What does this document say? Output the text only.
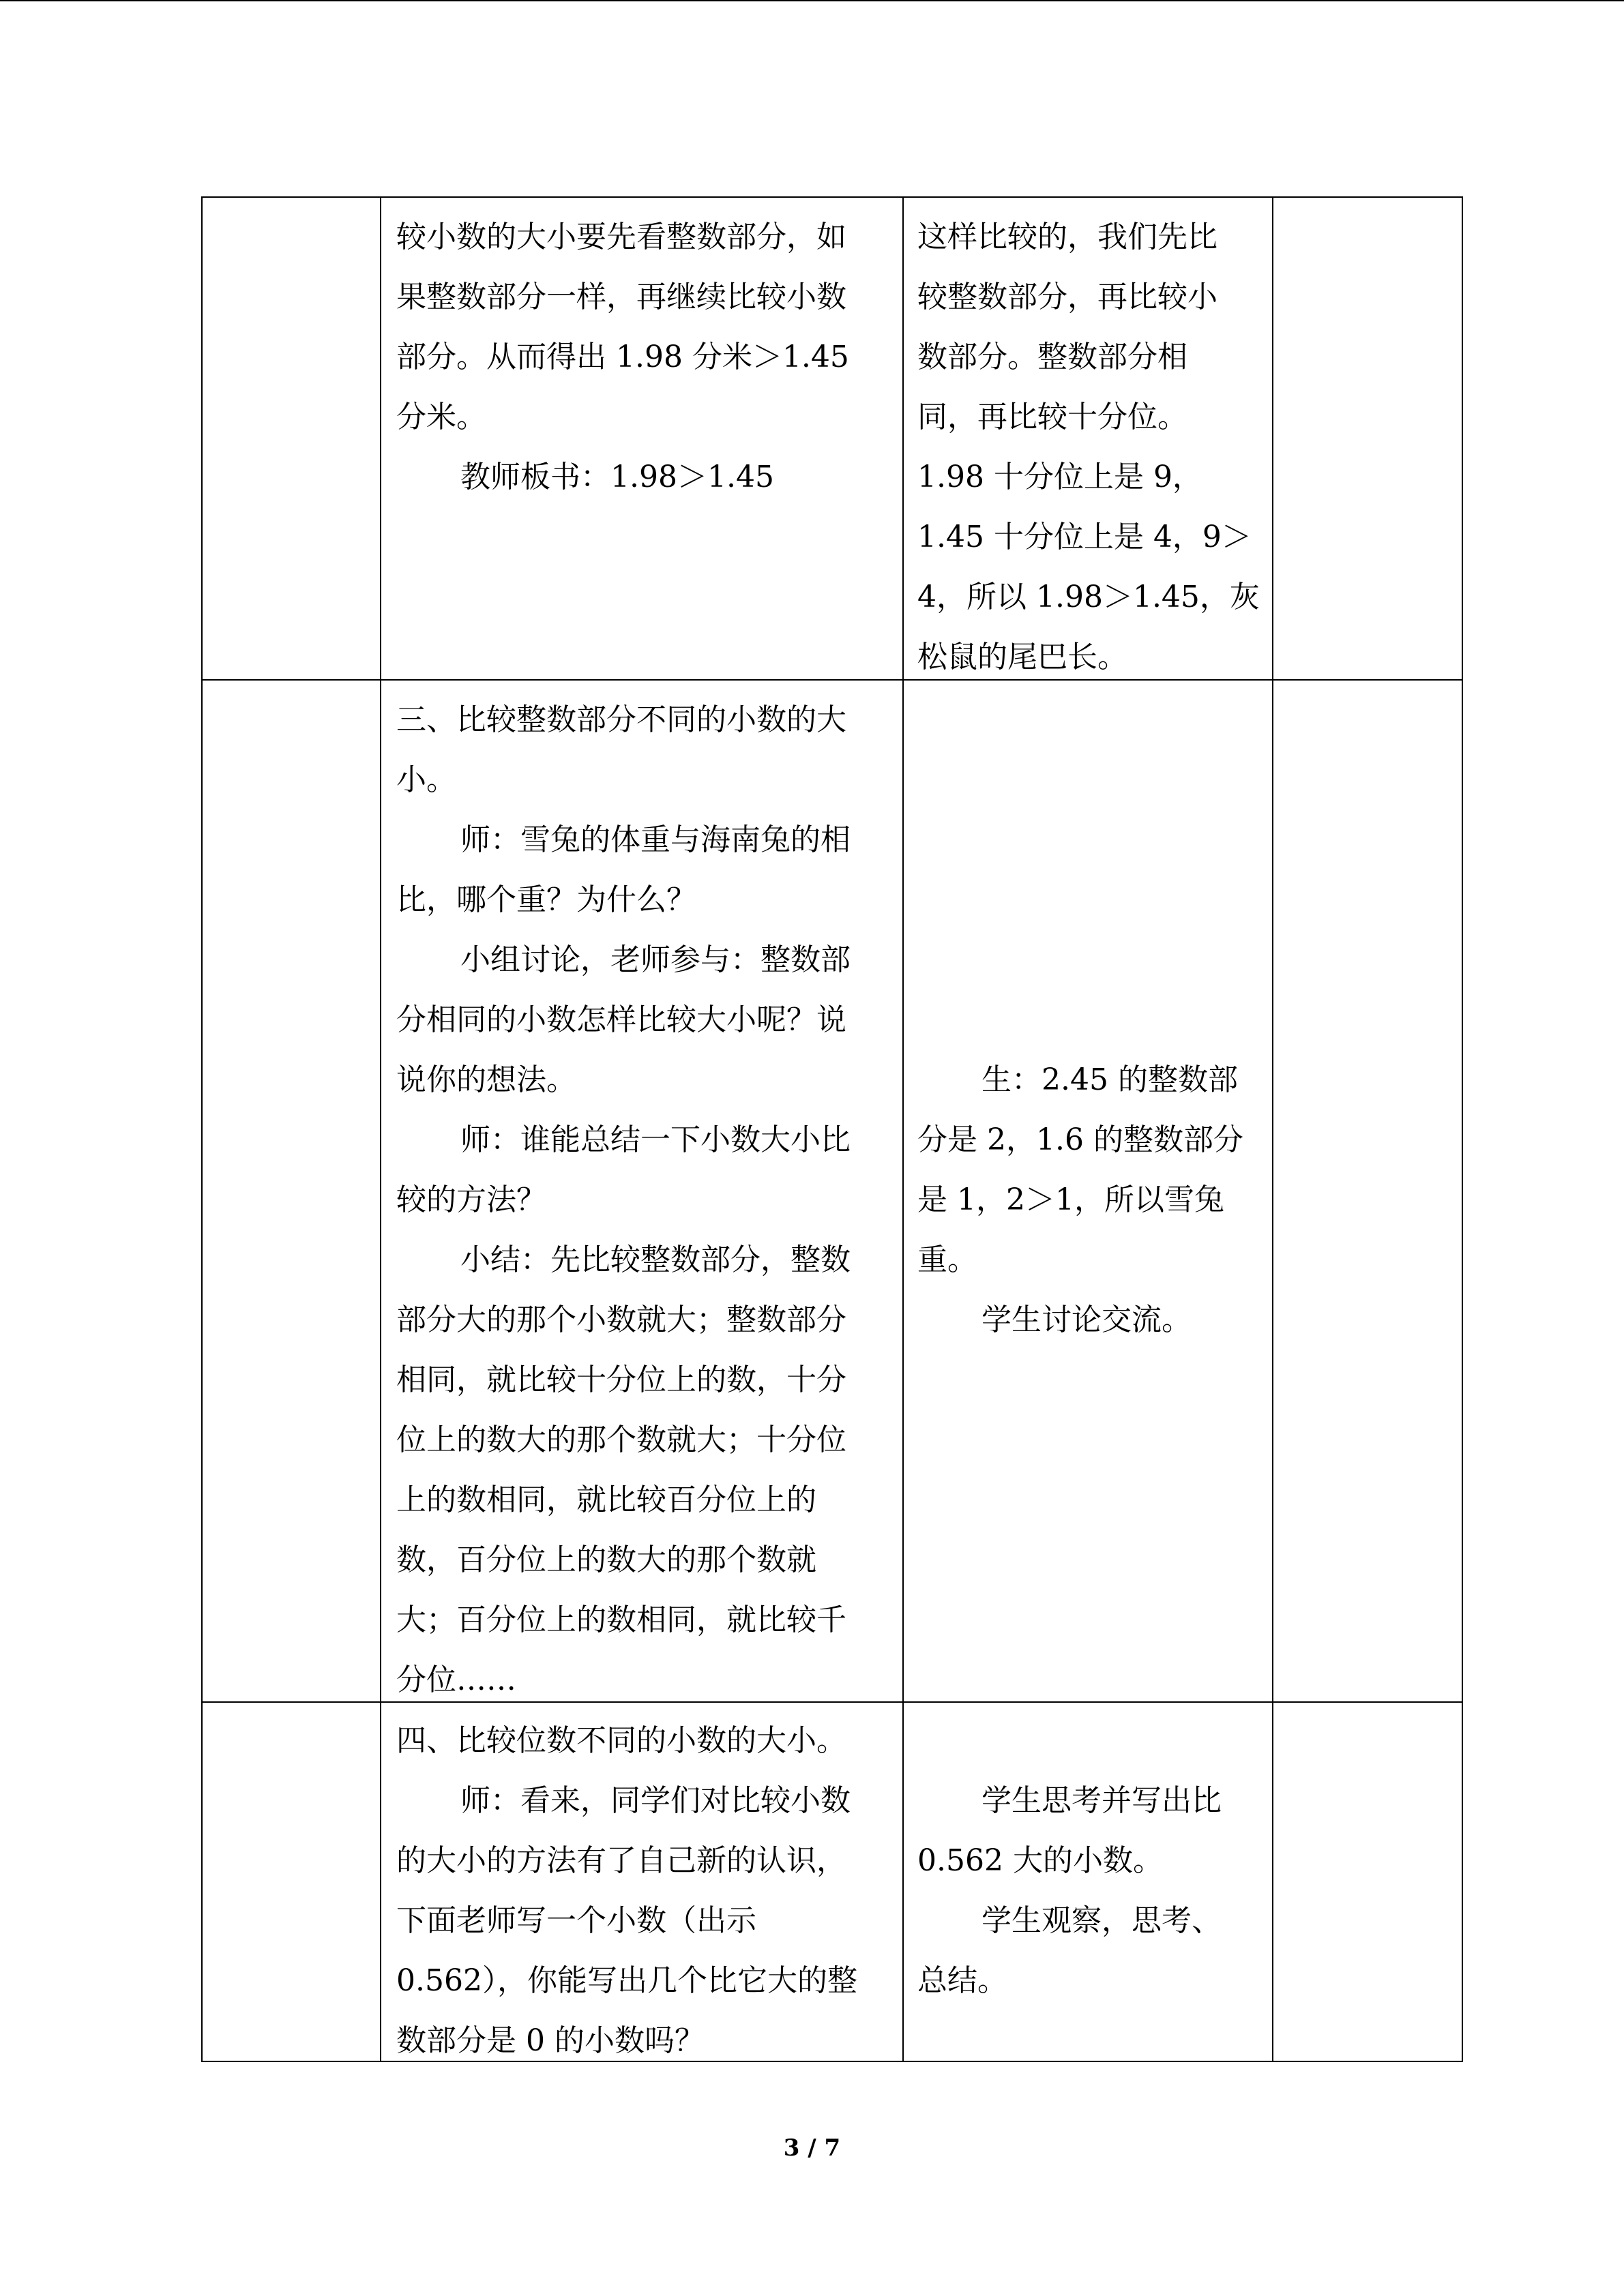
较小数的大小要先看整数部分，如

果整数部分一样，再继续比较小数

部分。从而得出 1.98 分米＞1.45

分米。

教师板书：1.98＞1.45

这样比较的，我们先比

较整数部分，再比较小

数部分。整数部分相

同，再比较十分位。

1.98 十分位上是 9，

1.45 十分位上是 4，9＞

4，所以 1.98＞1.45，灰

松鼠的尾巴长。

三、比较整数部分不同的小数的大

小。

师：雪兔的体重与海南兔的相

比，哪个重？为什么？

小组讨论，老师参与：整数部

分相同的小数怎样比较大小呢？说

说你的想法。

师：谁能总结一下小数大小比

较的方法？

小结：先比较整数部分，整数

部分大的那个小数就大；整数部分

相同，就比较十分位上的数，十分

位上的数大的那个数就大；十分位

上的数相同，就比较百分位上的

数，百分位上的数大的那个数就

大；百分位上的数相同，就比较千

分位……

生：2.45 的整数部

分是 2，1.6 的整数部分

是 1，2＞1，所以雪兔

重。

学生讨论交流。

四、比较位数不同的小数的大小。

师：看来，同学们对比较小数

的大小的方法有了自己新的认识，

下面老师写一个小数（出示

0.562），你能写出几个比它大的整

数部分是 0 的小数吗？

学生思考并写出比

0.562 大的小数。

学生观察，思考、

总结。

3 / 7
